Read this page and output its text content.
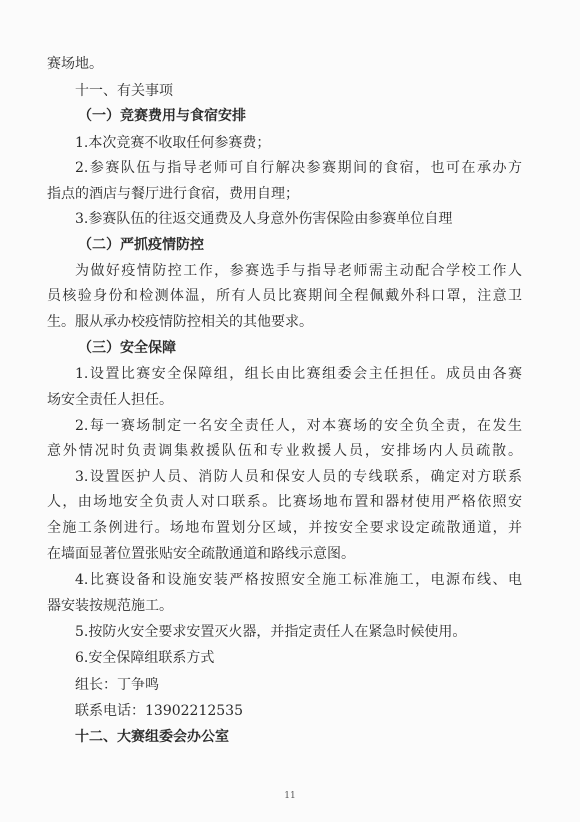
赛场地。
十一、有关事项
（一）竞赛费用与食宿安排
1.本次竞赛不收取任何参赛费；
2.参赛队伍与指导老师可自行解决参赛期间的食宿，也可在承办方
指点的酒店与餐厅进行食宿，费用自理；
3.参赛队伍的往返交通费及人身意外伤害保险由参赛单位自理
（二）严抓疫情防控
为做好疫情防控工作，参赛选手与指导老师需主动配合学校工作人
员核验身份和检测体温，所有人员比赛期间全程佩戴外科口罩，注意卫
生。服从承办校疫情防控相关的其他要求。
（三）安全保障
1.设置比赛安全保障组，组长由比赛组委会主任担任。成员由各赛
场安全责任人担任。
2.每一赛场制定一名安全责任人，对本赛场的安全负全责，在发生
意外情况时负责调集救援队伍和专业救援人员，安排场内人员疏散。
3.设置医护人员、消防人员和保安人员的专线联系，确定对方联系
人，由场地安全负责人对口联系。比赛场地布置和器材使用严格依照安
全施工条例进行。场地布置划分区域，并按安全要求设定疏散通道，并
在墙面显著位置张贴安全疏散通道和路线示意图。
4.比赛设备和设施安装严格按照安全施工标准施工，电源布线、电
器安装按规范施工。
5.按防火安全要求安置灭火器，并指定责任人在紧急时候使用。
6.安全保障组联系方式
组长：丁争鸣
联系电话：13902212535
十二、大赛组委会办公室
11
